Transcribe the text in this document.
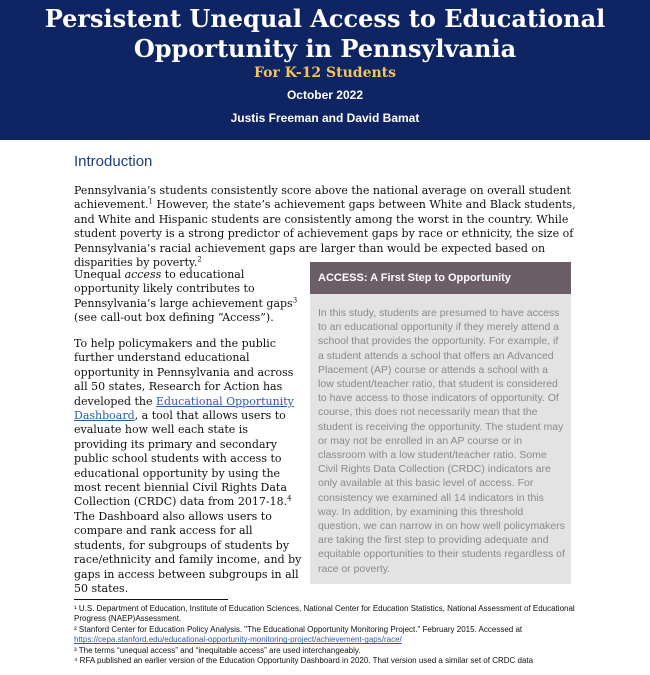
Persistent Unequal Access to Educational
Opportunity in Pennsylvania
For K-12 Students
October 2022
Justis Freeman and David Bamat
Introduction

Pennsylvania’s students consistently score above the national average on overall student achievement.$^1$ However, the state’s achievement gaps between White and Black students, and White and Hispanic students are consistently among the worst in the country. While student poverty is a strong predictor of achievement gaps by race or ethnicity, the size of Pennsylvania’s racial achievement gaps are larger than would be expected based on disparities by poverty.$^2$

Unequal access to educational opportunity likely contributes to Pennsylvania’s large achievement gaps$^3$ (see call-out box defining “Access”).

To help policymakers and the public further understand educational opportunity in Pennsylvania and across all 50 states, Research for Action has developed the Educational Opportunity Dashboard, a tool that allows users to evaluate how well each state is providing its primary and secondary public school students with access to educational opportunity by using the most recent biennial Civil Rights Data Collection (CRDC) data from 2017-18.$^4$ The Dashboard also allows users to compare and rank access for all students, for subgroups of students by race/ethnicity and family income, and by gaps in access between subgroups in all 50 states.

ACCESS: A First Step to Opportunity

In this study, students are presumed to have access to an educational opportunity if they merely attend a school that provides the opportunity. For example, if a student attends a school that offers an Advanced Placement (AP) course or attends a school with a low student/teacher ratio, that student is considered to have access to those indicators of opportunity. Of course, this does not necessarily mean that the student is receiving the opportunity. The student may or may not be enrolled in an AP course or in classroom with a low student/teacher ratio. Some Civil Rights Data Collection (CRDC) indicators are only available at this basic level of access. For consistency we examined all 14 indicators in this way. In addition, by examining this threshold question, we can narrow in on how well policymakers are taking the first step to providing adequate and equitable opportunities to their students regardless of race or poverty.

¹ U.S. Department of Education, Institute of Education Sciences, National Center for Education Statistics, National Assessment of Educational Progress (NAEP)Assessment.

² Stanford Center for Education Policy Analysis. "The Educational Opportunity Monitoring Project." February 2015. Accessed at
https://cepa.stanford.edu/educational-opportunity-monitoring-project/achievement-gaps/race/

³ The terms “unequal access” and “inequitable access” are used interchangeably.

⁴ RFA published an earlier version of the Education Opportunity Dashboard in 2020. That version used a similar set of CRDC data
